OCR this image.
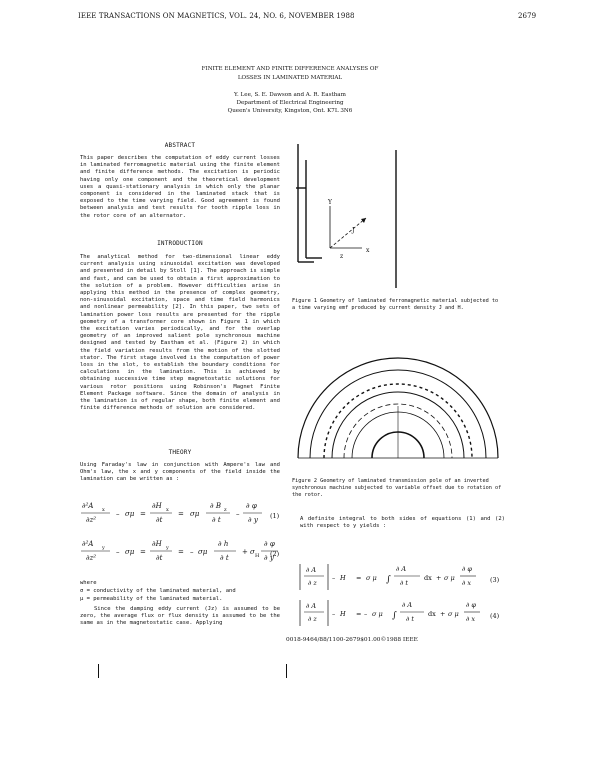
IEEE TRANSACTIONS ON MAGNETICS, VOL. 24, NO. 6, NOVEMBER 1988	2679
FINITE ELEMENT AND FINITE DIFFERENCE ANALYSES OF
LOSSES IN LAMINATED MATERIAL
Y. Lee, S. E. Dawson and A. R. Eastham
Department of Electrical Engineering
Queen's University, Kingston, Ont. K7L 3N6
ABSTRACT
This paper describes the computation of eddy current losses in laminated ferromagnetic material using the finite element and finite difference methods. The excitation is periodic having only one component and the theoretical development uses a quasi-stationary analysis in which only the planar component is considered in the laminated stack that is exposed to the time varying field. Good agreement is found between analysis and test results for tooth ripple loss in the rotor core of an alternator.
INTRODUCTION
The analytical method for two-dimensional linear eddy current analysis using sinusoidal excitation was developed and presented in detail by Stoll [1]. The approach is simple and fast, and can be used to obtain a first approximation to the solution of a problem. However difficulties arise in applying this method in the presence of complex geometry, non-sinusoidal excitation, space and time field harmonics and nonlinear permeability [2]. In this paper, two sets of lamination power loss results are presented for the ripple geometry of a transformer core shown in Figure 1 in which the excitation varies periodically, and for the overlap geometry of an improved salient pole synchronous machine designed and tested by Eastham et al. (Figure 2) in which the field variation results from the motion of the slotted stator. The first stage involved is the computation of power loss in the slot, to establish the boundary conditions for calculations in the lamination. This is achieved by obtaining successive time step magnetostatic solutions for various rotor positions using Robinson's Magnet Finite Element Package software. Since the domain of analysis in the lamination is of regular shape, both finite element and finite difference methods of solution are considered.
THEORY
Using Faraday's law in conjunction with Ampere's law and Ohm's law, the x and y components of the field inside the lamination can be written as :
∂²A x
∂z²
– σμ =
∂H x
∂t
= σμ
∂ B z
∂ t
–
∂ φ
∂ y
∂²A y
∂z²
– σμ =
∂H y
∂t
= – σμ
∂ h
∂ t
+ σ H
∂ φ
∂ y
(1)
(2)
where
σ = conductivity of the laminated material, and
μ = permeability of the laminated material.
Since the damping eddy current (Jz) is assumed to be zero, the average flux or flux density is assumed to be the same as in the magnetostatic case. Applying
Y
x
J
z
Figure 1 Geometry of laminated ferromagnetic material subjected to a time varying emf produced by current density J and H.
Figure 2 Geometry of laminated transmission pole of an inverted synchronous machine subjected to variable offset due to rotation of the rotor.
A definite integral to both sides of equations (1) and (2) with respect to y yields :
∂ A
∂ z
– H = σ μ ∫
∂ A
∂ t
dx + σ μ
∂ φ
∂ x
∂ A
∂ z
– H = – σ μ ∫
∂ A
∂ t
dx + σ μ
∂ φ
∂ x
(3)
(4)
0018-9464/88/1100-2679$01.00©1988 IEEE
